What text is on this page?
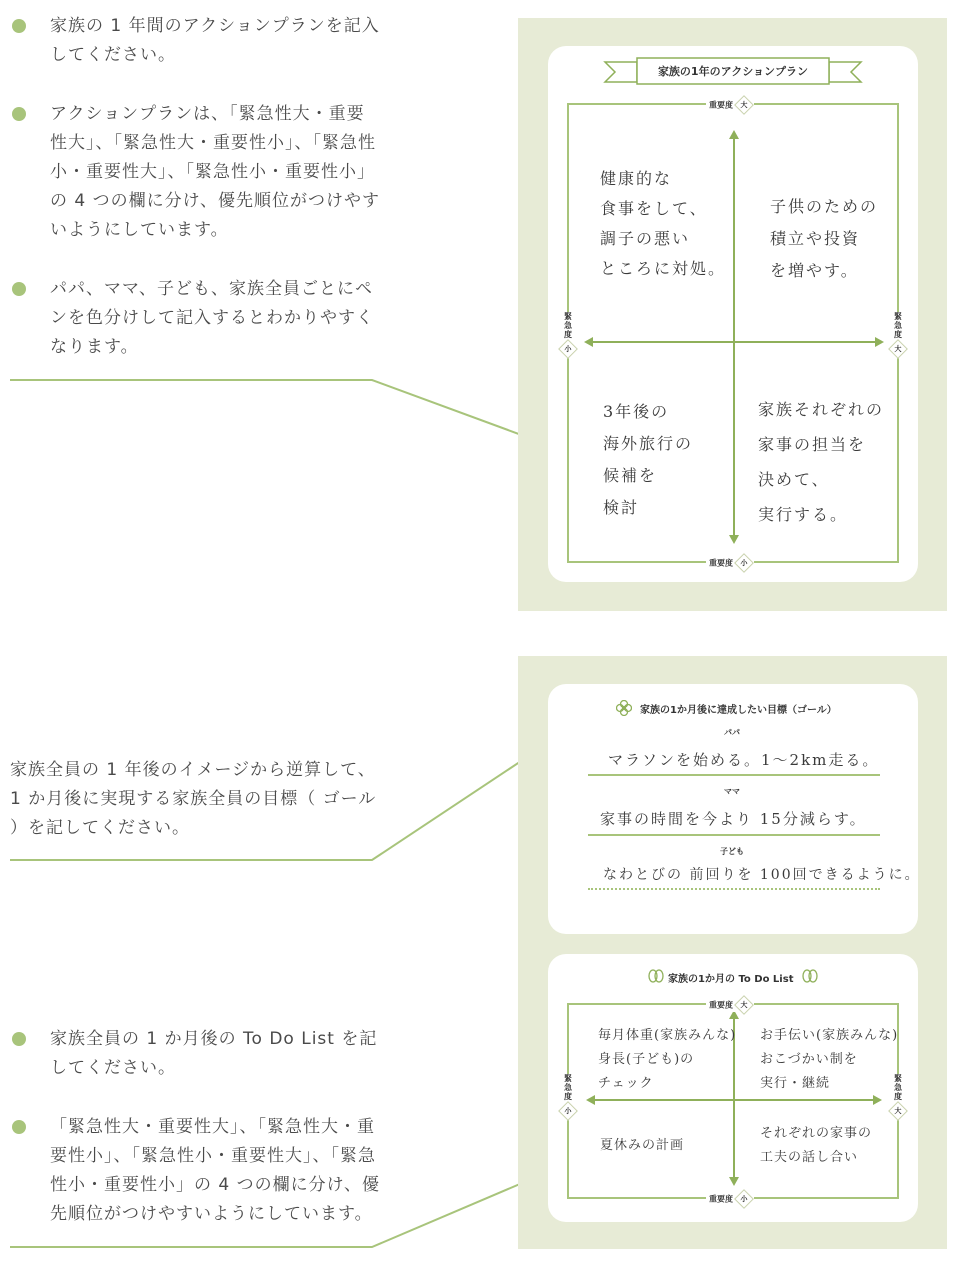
家族の 1 年間のアクションプランを記入してください。
アクションプランは、「緊急性大・重要性大」、「緊急性大・重要性小」、「緊急性小・重要性大」、「緊急性小・重要性小」の 4 つの欄に分け、優先順位がつけやすいようにしています。
パパ、ママ、子ども、家族全員ごとにペンを色分けして記入するとわかりやすくなります。
家族の1年のアクションプラン
重要度	大
重要度	小
緊急度

小
緊急度

大
健康的な
食事をして、
調子の悪い
ところに対処。
子供のための
積立や投資
を増やす。
3年後の
海外旅行の
候補を
検討
家族それぞれの
家事の担当を
決めて、
実行する。
家族全員の 1 年後のイメージから逆算して、1 か月後に実現する家族全員の目標（ ゴール ）を記してください。
家族の1か月後に達成したい目標（ゴール）
パパ
マラソンを始める。1～2km走る。
ママ
家事の時間を今より 15分減らす。
子ども
なわとびの 前回りを 100回できるように。
家族の1か月の To Do List
重要度	大
重要度	小
緊急度

小
緊急度

大
毎月体重(家族みんな)
身長(子ども)の
チェック
お手伝い(家族みんな)
おこづかい制を
実行・継続
夏休みの計画
それぞれの家事の
工夫の話し合い
家族全員の 1 か月後の To Do List を記してください。
「緊急性大・重要性大」、「緊急性大・重要性小」、「緊急性小・重要性大」、「緊急性小・重要性小」の 4 つの欄に分け、優先順位がつけやすいようにしています。
